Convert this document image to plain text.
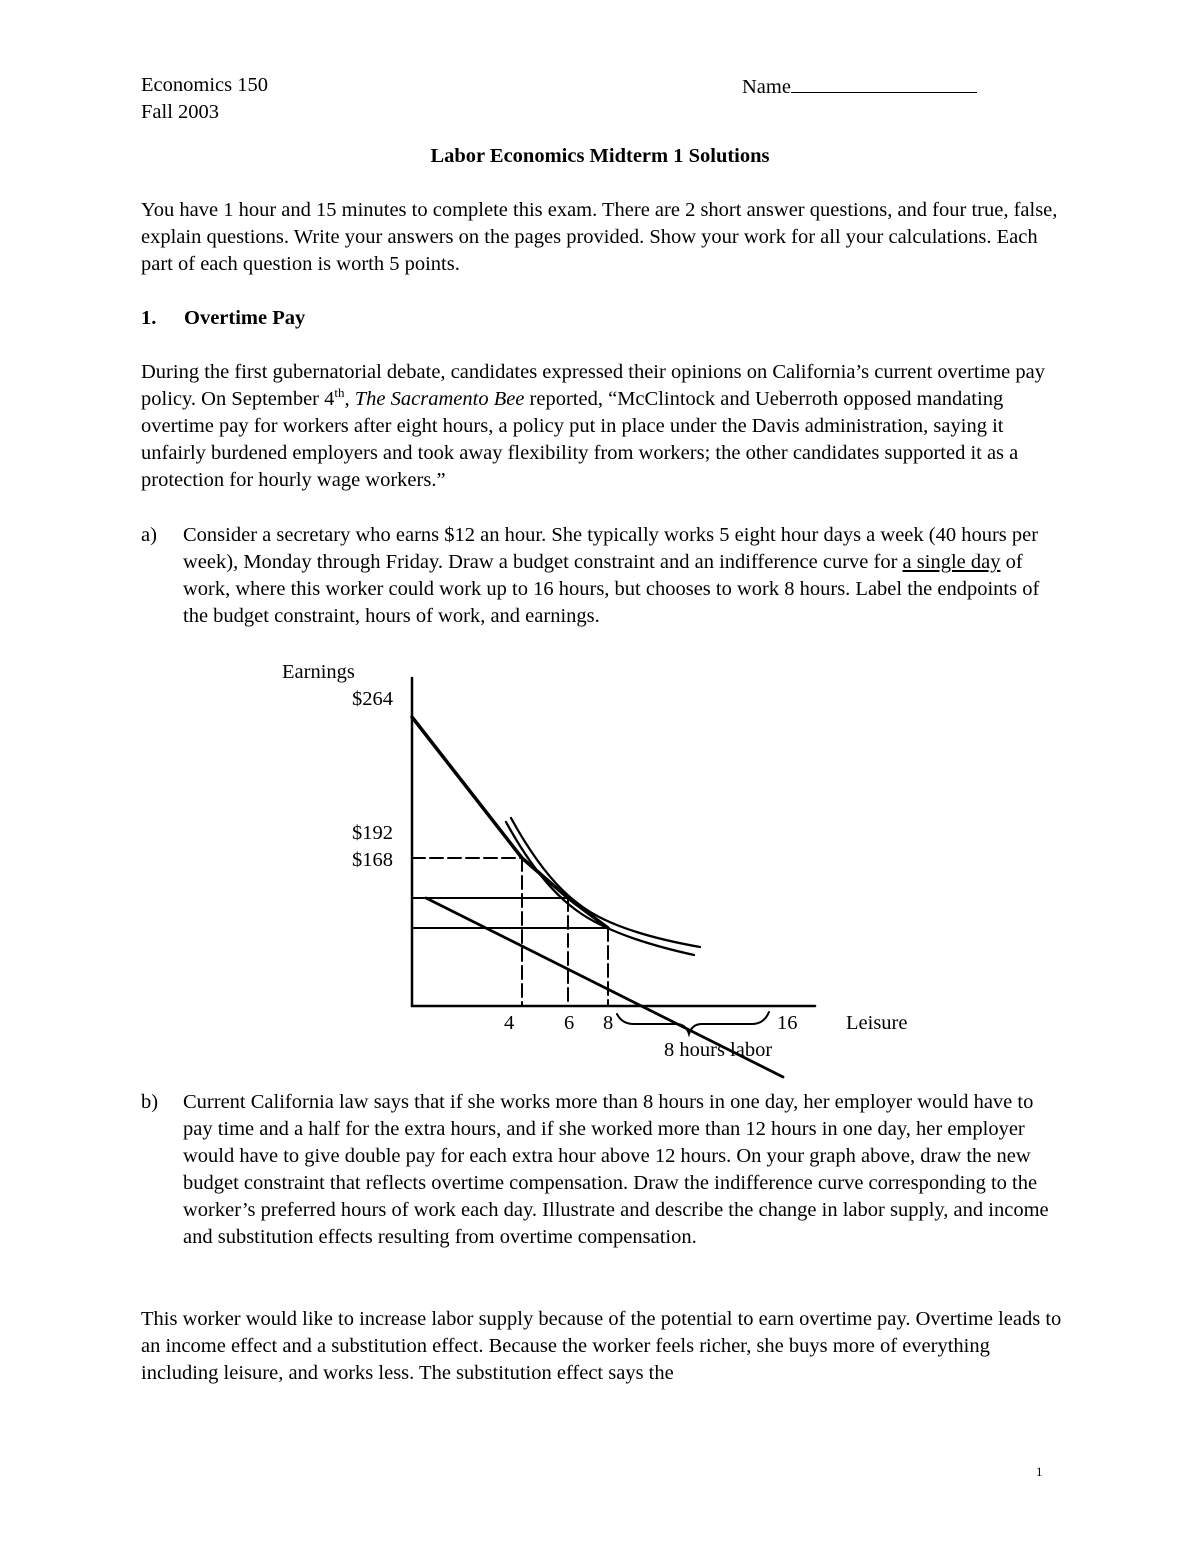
Economics 150
Fall 2003
Name
Labor Economics Midterm 1 Solutions

You have 1 hour and 15 minutes to complete this exam. There are 2 short answer questions, and four true, false, explain questions. Write your answers on the pages provided. Show your work for all your calculations. Each part of each question is worth 5 points.

1. Overtime Pay

During the first gubernatorial debate, candidates expressed their opinions on California’s current overtime pay policy. On September 4th, The Sacramento Bee reported, “McClintock and Ueberroth opposed mandating overtime pay for workers after eight hours, a policy put in place under the Davis administration, saying it unfairly burdened employers and took away flexibility from workers; the other candidates supported it as a protection for hourly wage workers.”

a) Consider a secretary who earns $12 an hour. She typically works 5 eight hour days a week (40 hours per week), Monday through Friday. Draw a budget constraint and an indifference curve for a single day of work, where this worker could work up to 16 hours, but chooses to work 8 hours. Label the endpoints of the budget constraint, hours of work, and earnings.

Earnings
$264
$192
$168
4 6 8	16 Leisure
8 hours labor
b) Current California law says that if she works more than 8 hours in one day, her employer would have to pay time and a half for the extra hours, and if she worked more than 12 hours in one day, her employer would have to give double pay for each extra hour above 12 hours. On your graph above, draw the new budget constraint that reflects overtime compensation. Draw the indifference curve corresponding to the worker’s preferred hours of work each day. Illustrate and describe the change in labor supply, and income and substitution effects resulting from overtime compensation.

This worker would like to increase labor supply because of the potential to earn overtime pay. Overtime leads to an income effect and a substitution effect. Because the worker feels richer, she buys more of everything including leisure, and works less. The substitution effect says the

1
